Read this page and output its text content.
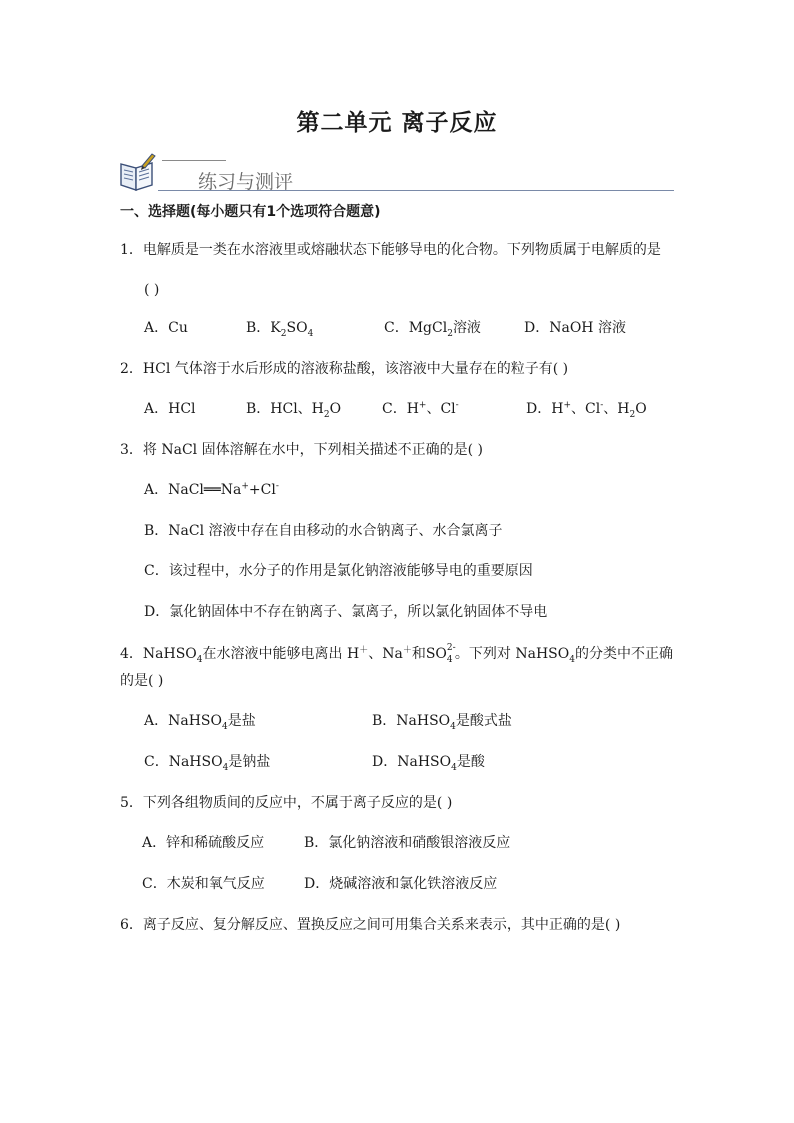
第二单元 离子反应
练习与测评
一、选择题(每小题只有1个选项符合题意)
1．电解质是一类在水溶液里或熔融状态下能够导电的化合物。下列物质属于电解质的是
( )
A．Cu	B．$K_2SO_4$	C．MgCl$_2$溶液	D．NaOH 溶液
2．HCl 气体溶于水后形成的溶液称盐酸，该溶液中大量存在的粒子有( )
A．HCl	B．HCl、$H_2O$	C．H+、Cl-	D．H+、Cl-、$H_2O$
3．将 NaCl 固体溶解在水中，下列相关描述不正确的是( )
A．NaCl══Na++Cl-
B．NaCl 溶液中存在自由移动的水合钠离子、水合氯离子
C．该过程中，水分子的作用是氯化钠溶液能够导电的重要原因
D．氯化钠固体中不存在钠离子、氯离子，所以氯化钠固体不导电
4．NaHSO$_4$在水溶液中能够电离出 H＋、Na＋和SO 2-
4 。下列对 NaHSO$_4$的分类中不正确
的是( )
A．NaHSO$_4$是盐	B．NaHSO$_4$是酸式盐
C．NaHSO$_4$是钠盐	D．NaHSO$_4$是酸
5．下列各组物质间的反应中，不属于离子反应的是( )
A．锌和稀硫酸反应	B．氯化钠溶液和硝酸银溶液反应
C．木炭和氧气反应	D．烧碱溶液和氯化铁溶液反应
6．离子反应、复分解反应、置换反应之间可用集合关系来表示，其中正确的是( )
